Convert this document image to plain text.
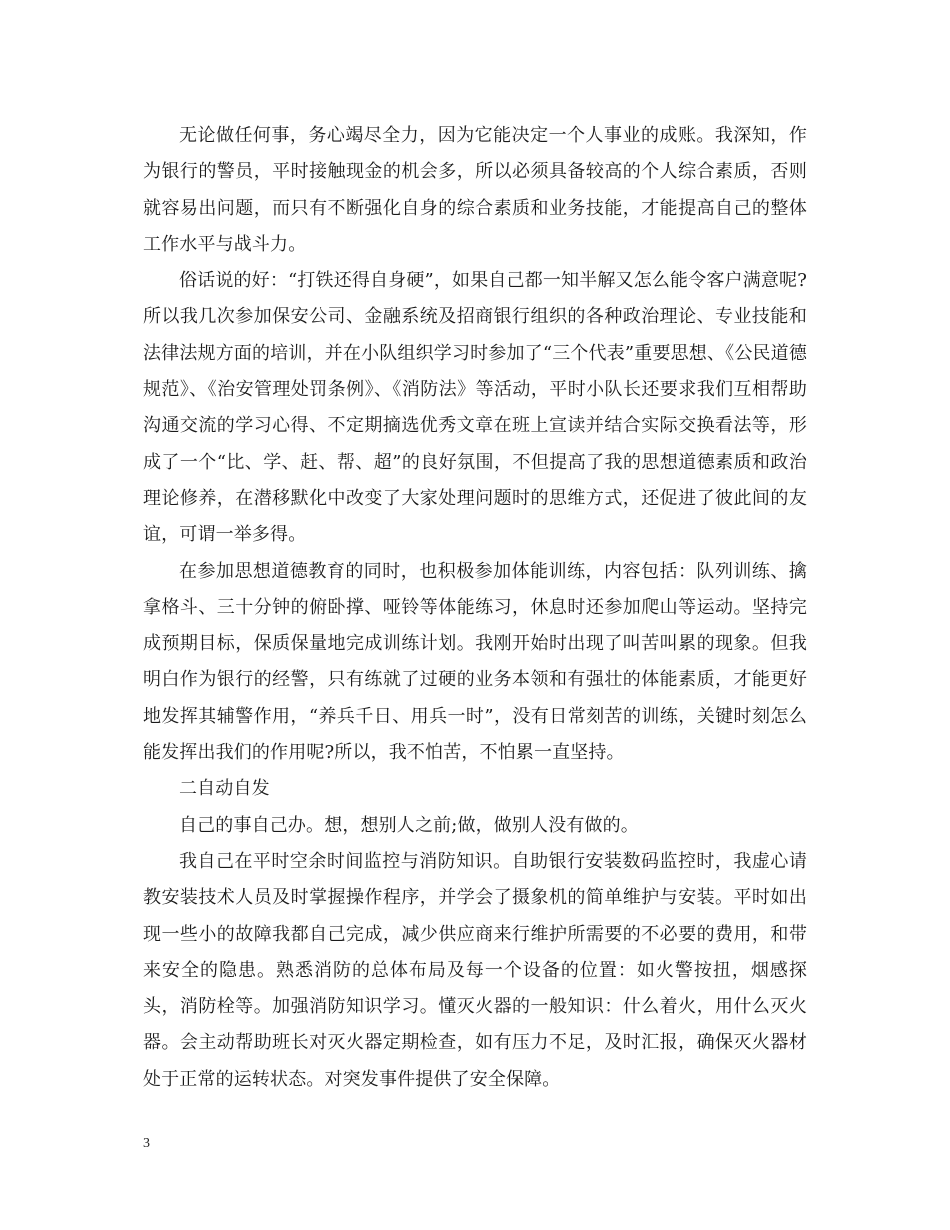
无论做任何事，务心竭尽全力，因为它能决定一个人事业的成账。我深知，作为银行的警员，平时接触现金的机会多，所以必须具备较高的个人综合素质，否则就容易出问题，而只有不断强化自身的综合素质和业务技能，才能提高自己的整体工作水平与战斗力。

俗话说的好：“打铁还得自身硬”，如果自己都一知半解又怎么能令客户满意呢?所以我几次参加保安公司、金融系统及招商银行组织的各种政治理论、专业技能和法律法规方面的培训，并在小队组织学习时参加了“三个代表”重要思想、《公民道德规范》、《治安管理处罚条例》、《消防法》等活动，平时小队长还要求我们互相帮助沟通交流的学习心得、不定期摘选优秀文章在班上宣读并结合实际交换看法等，形成了一个“比、学、赶、帮、超”的良好氛围，不但提高了我的思想道德素质和政治理论修养，在潜移默化中改变了大家处理问题时的思维方式，还促进了彼此间的友谊，可谓一举多得。

在参加思想道德教育的同时，也积极参加体能训练，内容包括：队列训练、擒拿格斗、三十分钟的俯卧撑、哑铃等体能练习，休息时还参加爬山等运动。坚持完成预期目标，保质保量地完成训练计划。我刚开始时出现了叫苦叫累的现象。但我明白作为银行的经警，只有练就了过硬的业务本领和有强壮的体能素质，才能更好地发挥其辅警作用，“养兵千日、用兵一时”，没有日常刻苦的训练，关键时刻怎么能发挥出我们的作用呢?所以，我不怕苦，不怕累一直坚持。

二自动自发

自己的事自己办。想，想别人之前;做，做别人没有做的。

我自己在平时空余时间监控与消防知识。自助银行安装数码监控时，我虚心请教安装技术人员及时掌握操作程序，并学会了摄象机的简单维护与安装。平时如出现一些小的故障我都自己完成，减少供应商来行维护所需要的不必要的费用，和带来安全的隐患。熟悉消防的总体布局及每一个设备的位置：如火警按扭，烟感探头，消防栓等。加强消防知识学习。懂灭火器的一般知识：什么着火，用什么灭火器。会主动帮助班长对灭火器定期检查，如有压力不足，及时汇报，确保灭火器材处于正常的运转状态。对突发事件提供了安全保障。

3
